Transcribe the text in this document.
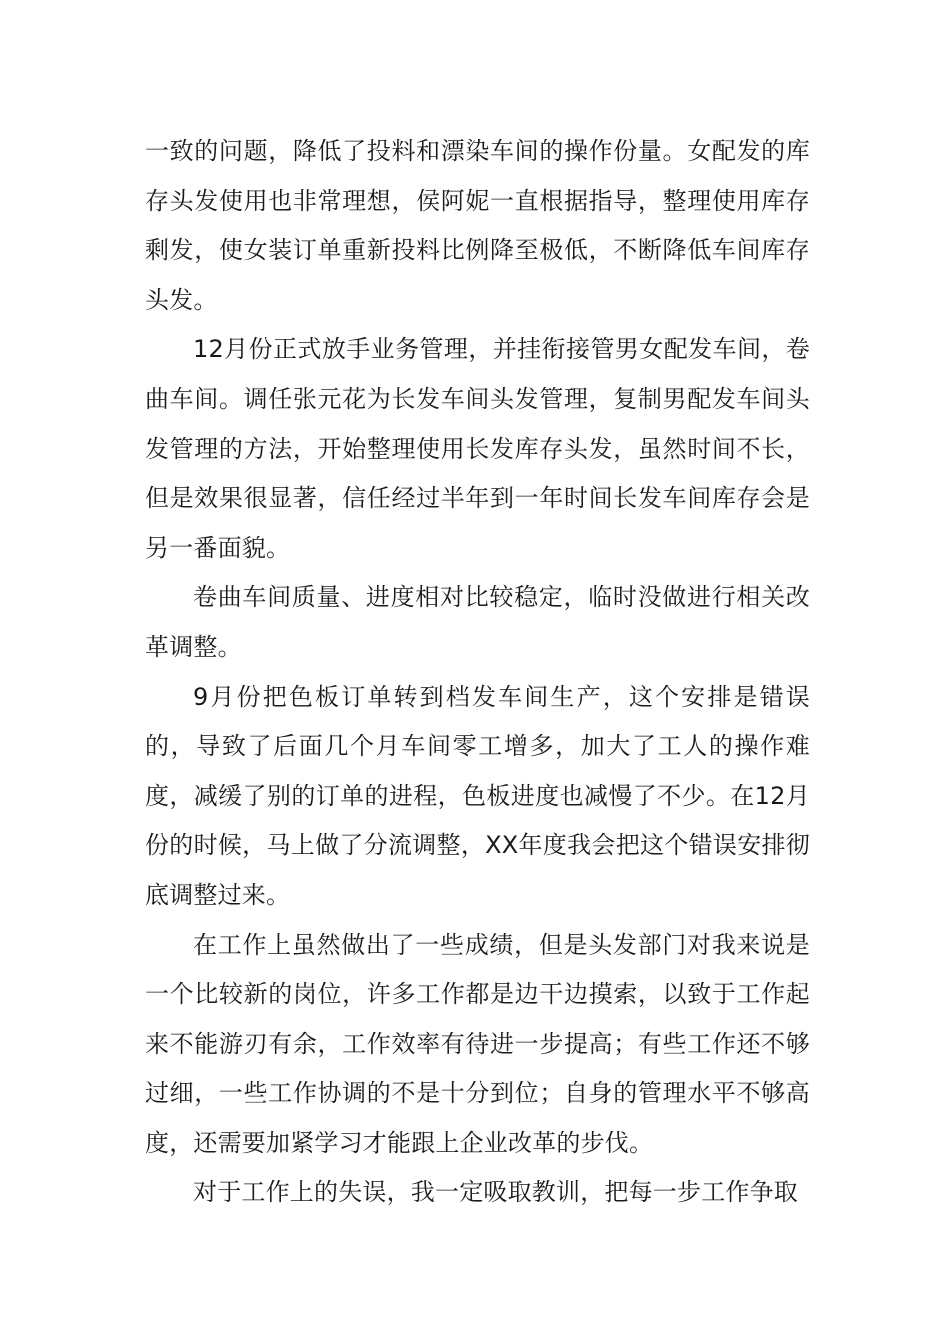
一致的问题，降低了投料和漂染车间的操作份量。女配发的库存头发使用也非常理想，侯阿妮一直根据指导，整理使用库存剩发，使女装订单重新投料比例降至极低，不断降低车间库存头发。

12月份正式放手业务管理，并挂衔接管男女配发车间，卷曲车间。调任张元花为长发车间头发管理，复制男配发车间头发管理的方法，开始整理使用长发库存头发，虽然时间不长，但是效果很显著，信任经过半年到一年时间长发车间库存会是另一番面貌。

卷曲车间质量、进度相对比较稳定，临时没做进行相关改革调整。

9月份把色板订单转到档发车间生产，这个安排是错误的，导致了后面几个月车间零工增多，加大了工人的操作难度，减缓了别的订单的进程，色板进度也减慢了不少。在12月份的时候，马上做了分流调整，XX年度我会把这个错误安排彻底调整过来。

在工作上虽然做出了一些成绩，但是头发部门对我来说是一个比较新的岗位，许多工作都是边干边摸索，以致于工作起来不能游刃有余，工作效率有待进一步提高；有些工作还不够过细，一些工作协调的不是十分到位；自身的管理水平不够高度，还需要加紧学习才能跟上企业改革的步伐。

对于工作上的失误，我一定吸取教训，把每一步工作争取
